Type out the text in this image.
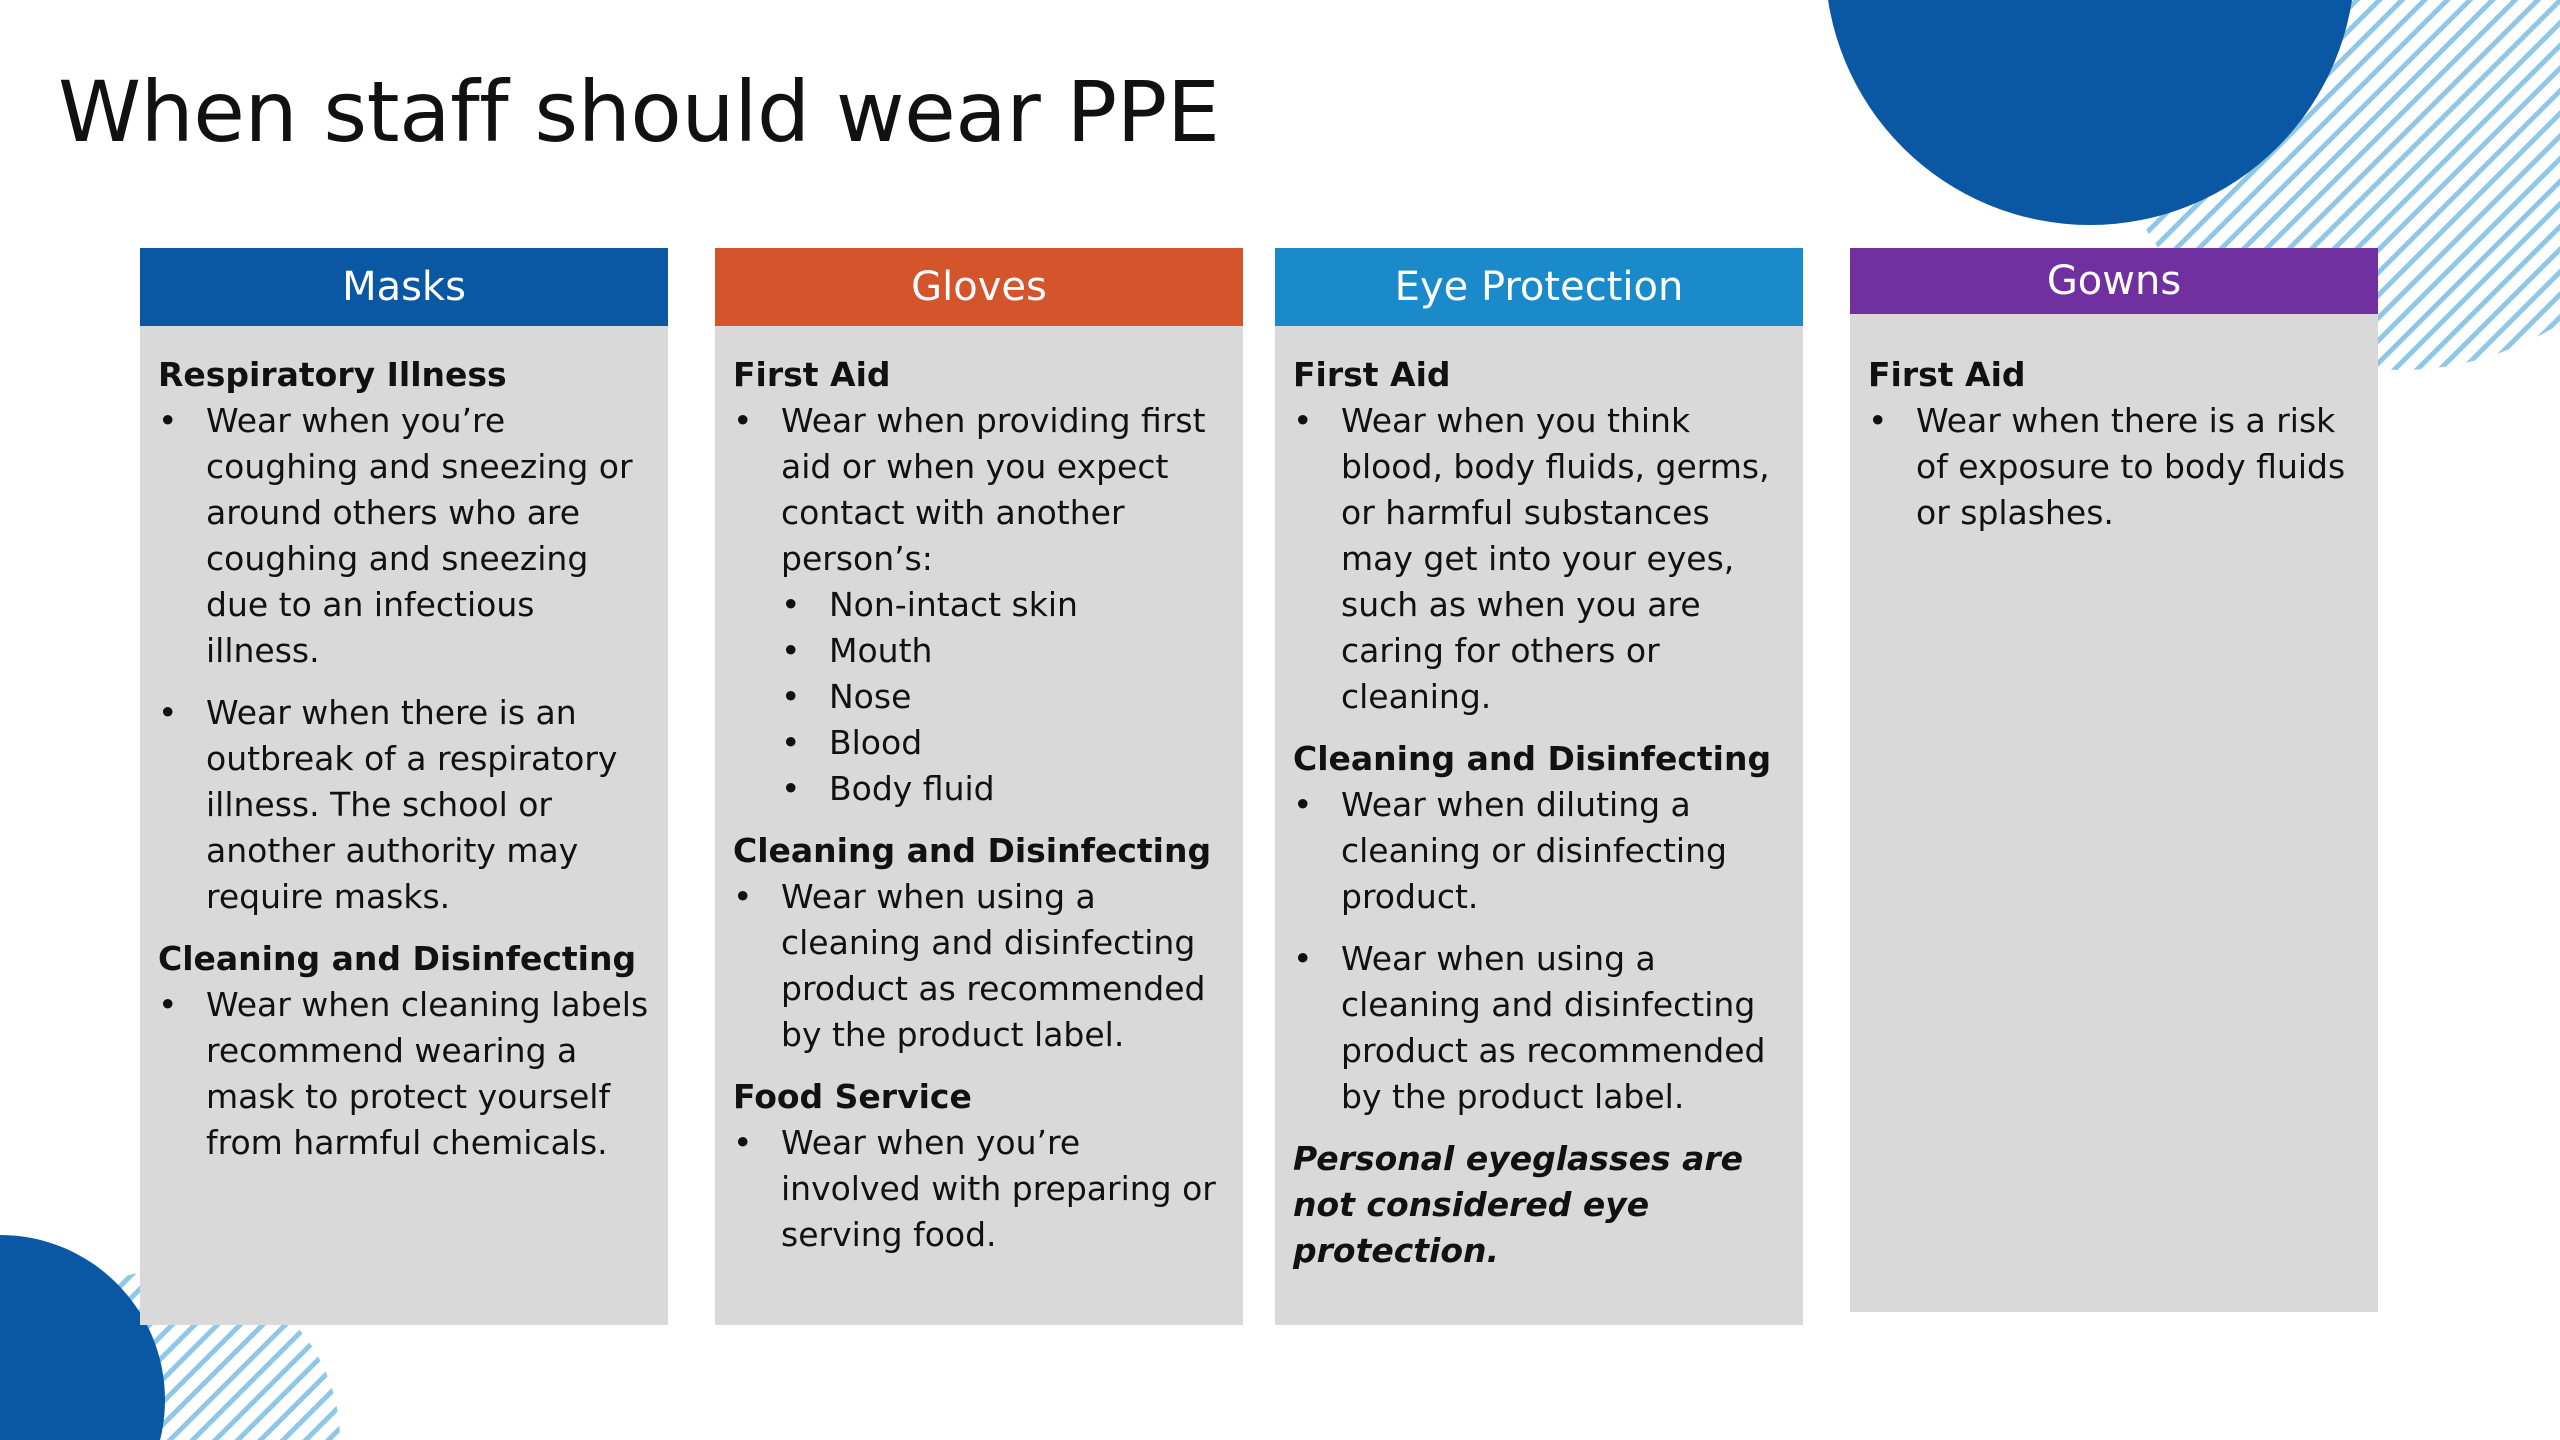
When staff should wear PPE
Masks

Respiratory Illness

• Wear when you’re coughing and sneezing or around others who are coughing and sneezing due to an infectious illness.
• Wear when there is an outbreak of a respiratory illness. The school or another authority may require masks.

Cleaning and Disinfecting

• Wear when cleaning labels recommend wearing a mask to protect yourself from harmful chemicals.
Gloves

First Aid

• Wear when providing first aid or when you expect contact with another person’s:
• Non-intact skin
• Mouth
• Nose
• Blood
• Body fluid

Cleaning and Disinfecting

• Wear when using a cleaning and disinfecting product as recommended by the product label.

Food Service

• Wear when you’re involved with preparing or serving food.
Eye Protection

First Aid

• Wear when you think blood, body fluids, germs, or harmful substances may get into your eyes, such as when you are caring for others or cleaning.

Cleaning and Disinfecting

• Wear when diluting a cleaning or disinfecting product.
• Wear when using a cleaning and disinfecting product as recommended by the product label.

Personal eyeglasses are not considered eye protection.

Gowns

First Aid

• Wear when there is a risk of exposure to body fluids or splashes.
